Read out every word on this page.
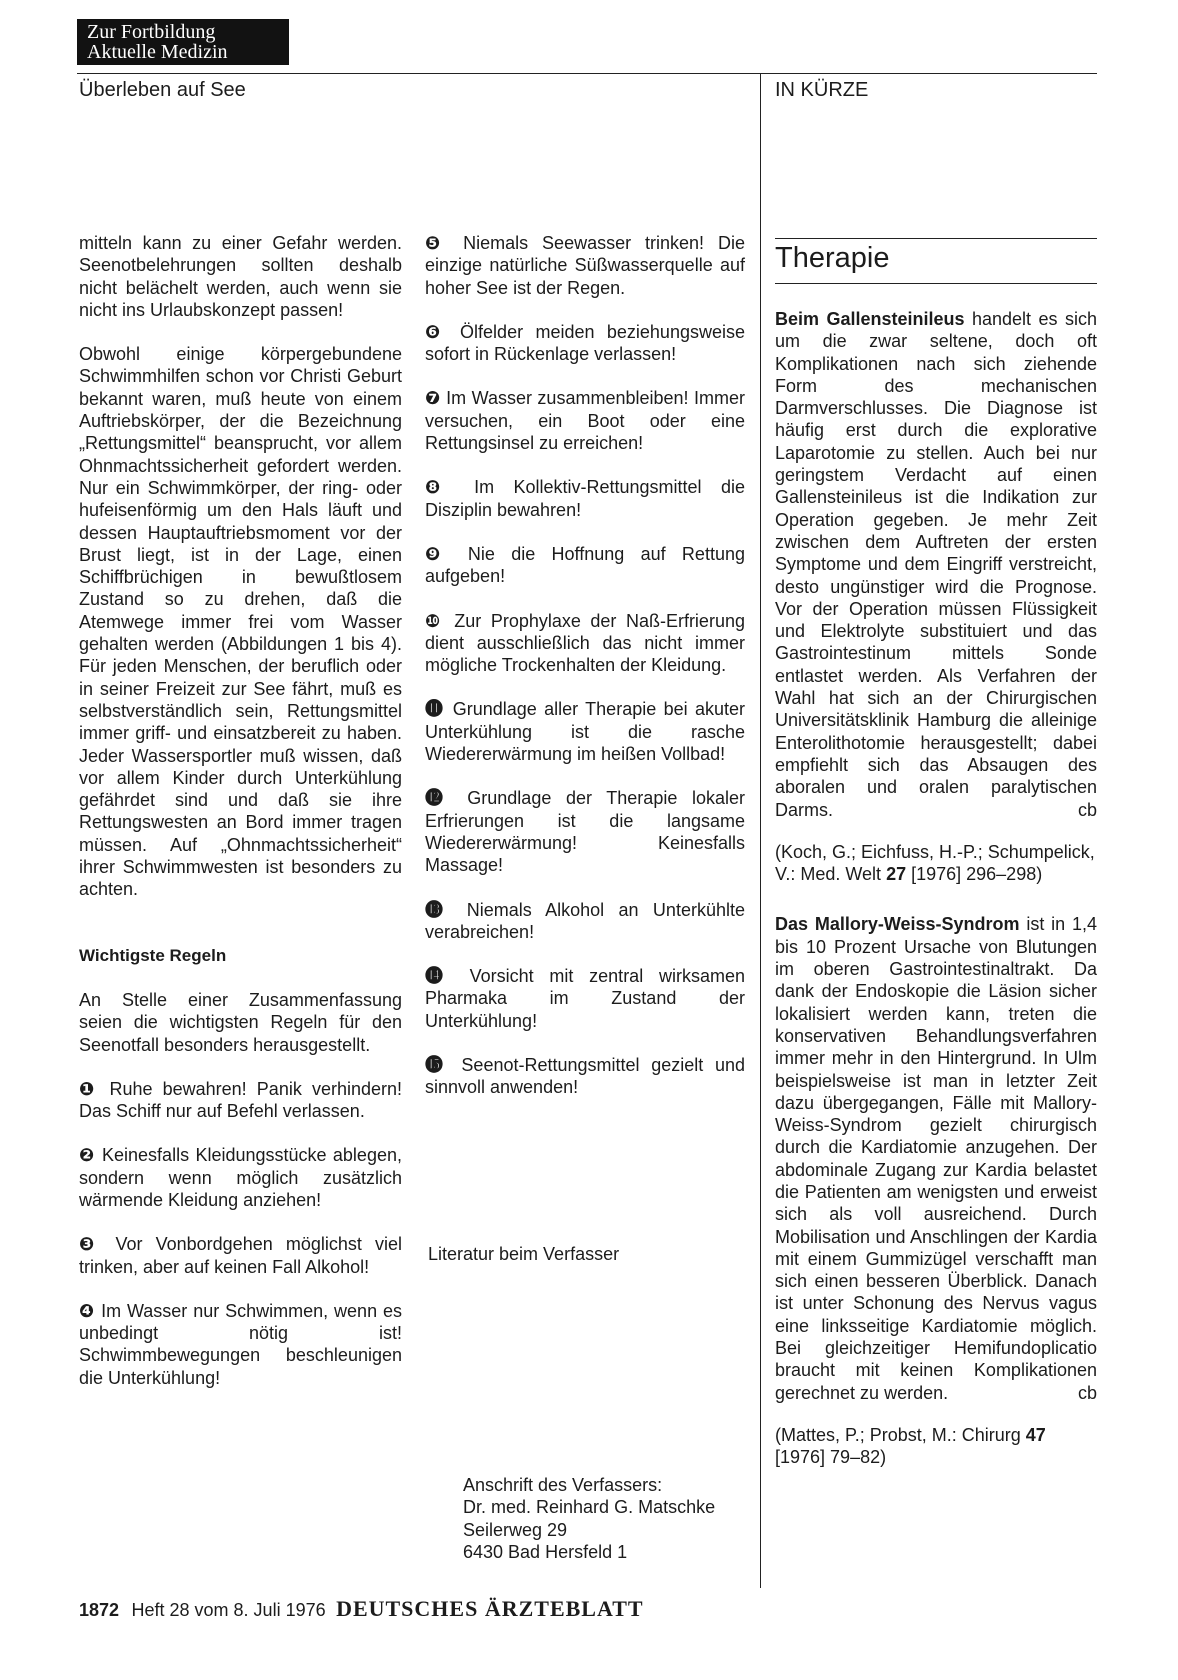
Zur Fortbildung
Aktuelle Medizin
Überleben auf See	IN KÜRZE

mitteln kann zu einer Gefahr werden. Seenotbelehrungen sollten deshalb nicht belächelt werden, auch wenn sie nicht ins Urlaubskonzept passen!

Obwohl einige körpergebundene Schwimmhilfen schon vor Christi Geburt bekannt waren, muß heute von einem Auftriebskörper, der die Bezeichnung „Rettungsmittel“ beansprucht, vor allem Ohnmachtssicherheit gefordert werden. Nur ein Schwimmkörper, der ring- oder hufeisenförmig um den Hals läuft und dessen Hauptauftriebsmoment vor der Brust liegt, ist in der Lage, einen Schiffbrüchigen in bewußtlosem Zustand so zu drehen, daß die Atemwege immer frei vom Wasser gehalten werden (Abbildungen 1 bis 4). Für jeden Menschen, der beruflich oder in seiner Freizeit zur See fährt, muß es selbstverständlich sein, Rettungsmittel immer griff- und einsatzbereit zu haben. Jeder Wassersportler muß wissen, daß vor allem Kinder durch Unterkühlung gefährdet sind und daß sie ihre Rettungswesten an Bord immer tragen müssen. Auf „Ohnmachtssicherheit“ ihrer Schwimmwesten ist besonders zu achten.

Wichtigste Regeln

An Stelle einer Zusammenfassung seien die wichtigsten Regeln für den Seenotfall besonders herausgestellt.

❶ Ruhe bewahren! Panik verhindern! Das Schiff nur auf Befehl verlassen.

❷ Keinesfalls Kleidungsstücke ablegen, sondern wenn möglich zusätzlich wärmende Kleidung anziehen!

❸ Vor Vonbordgehen möglichst viel trinken, aber auf keinen Fall Alkohol!

❹ Im Wasser nur Schwimmen, wenn es unbedingt nötig ist! Schwimmbewegungen beschleunigen die Unterkühlung!

❺ Niemals Seewasser trinken! Die einzige natürliche Süßwasserquelle auf hoher See ist der Regen.

❻ Ölfelder meiden beziehungsweise sofort in Rückenlage verlassen!

❼ Im Wasser zusammenbleiben! Immer versuchen, ein Boot oder eine Rettungsinsel zu erreichen!

❽ Im Kollektiv-Rettungsmittel die Disziplin bewahren!

❾ Nie die Hoffnung auf Rettung aufgeben!

❿ Zur Prophylaxe der Naß-Erfrierung dient ausschließlich das nicht immer mögliche Trockenhalten der Kleidung.

⓫ Grundlage aller Therapie bei akuter Unterkühlung ist die rasche Wiedererwärmung im heißen Vollbad!

⓬ Grundlage der Therapie lokaler Erfrierungen ist die langsame Wiedererwärmung! Keinesfalls Massage!

⓭ Niemals Alkohol an Unterkühlte verabreichen!

⓮ Vorsicht mit zentral wirksamen Pharmaka im Zustand der Unterkühlung!

⓯ Seenot-Rettungsmittel gezielt und sinnvoll anwenden!

Literatur beim Verfasser
Anschrift des Verfassers:
Dr. med. Reinhard G. Matschke
Seilerweg 29
6430 Bad Hersfeld 1
Therapie

Beim Gallensteinileus handelt es sich um die zwar seltene, doch oft Komplikationen nach sich ziehende Form des mechanischen Darmverschlusses. Die Diagnose ist häufig erst durch die explorative Laparotomie zu stellen. Auch bei nur geringstem Verdacht auf einen Gallensteinileus ist die Indikation zur Operation gegeben. Je mehr Zeit zwischen dem Auftreten der ersten Symptome und dem Eingriff verstreicht, desto ungünstiger wird die Prognose. Vor der Operation müssen Flüssigkeit und Elektrolyte substituiert und das Gastrointestinum mittels Sonde entlastet werden. Als Verfahren der Wahl hat sich an der Chirurgischen Universitätsklinik Hamburg die alleinige Enterolithotomie herausgestellt; dabei empfiehlt sich das Absaugen des aboralen und oralen paralytischen Darms.	cb

(Koch, G.; Eichfuss, H.-P.; Schumpelick, V.: Med. Welt 27 [1976] 296–298)

Das Mallory-Weiss-Syndrom ist in 1,4 bis 10 Prozent Ursache von Blutungen im oberen Gastrointestinaltrakt. Da dank der Endoskopie die Läsion sicher lokalisiert werden kann, treten die konservativen Behandlungsverfahren immer mehr in den Hintergrund. In Ulm beispielsweise ist man in letzter Zeit dazu übergegangen, Fälle mit Mallory-Weiss-Syndrom gezielt chirurgisch durch die Kardiatomie anzugehen. Der abdominale Zugang zur Kardia belastet die Patienten am wenigsten und erweist sich als voll ausreichend. Durch Mobilisation und Anschlingen der Kardia mit einem Gummizügel verschafft man sich einen besseren Überblick. Danach ist unter Schonung des Nervus vagus eine linksseitige Kardiatomie möglich. Bei gleichzeitiger Hemifundoplicatio braucht mit keinen Komplikationen gerechnet zu werden.	cb

(Mattes, P.; Probst, M.: Chirurg 47 [1976] 79–82)

1872 Heft 28 vom 8. Juli 1976 DEUTSCHES ÄRZTEBLATT
